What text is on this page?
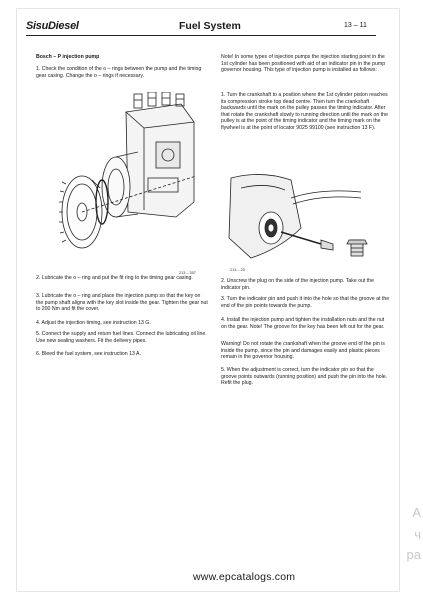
SisuDiesel	Fuel System	13 – 11
Bosch – P injection pump
1. Check the condition of the o – rings between the pump and the timing gear casing. Change the o – rings if necessary.
213 – 357
2. Lubricate the o – ring and put the fit ring to the timing gear casing.
3. Lubricate the o – ring and place the injection pump so that the key on the pump shaft aligns with the key slot inside the gear. Tighten the gear nut to 200 Nm and fit the cover.
4. Adjust the injection timing, see instruction 13 G.
5. Connect the supply and return fuel lines. Connect the lubricating oil line. Use new sealing washers. Fit the delivery pipes.
6. Bleed the fuel system, see instruction 13 A.
Note! In some types of injection pumps the injection starting point in the 1st cylinder has been positioned with aid of an indicator pin in the pump governor housing. This type of injection pump is installed as follows:
1. Turn the crankshaft to a position where the 1st cylinder piston reaches its compression stroke top dead centre. Then turn the crankshaft backwards until the mark on the pulley passes the timing indicator. After that rotate the crankshaft slowly to running direction until the mark on the pulley is at the point of the timing indicator and the timing mark on the flywheel is at the point of locator 9025 99100 (see instruction 13 F).
213 – 25
2. Unscrew the plug on the side of the injection pump. Take out the indicator pin.
3. Turn the indicator pin and push it into the hole so that the groove at the end of the pin points towards the pump.
4. Install the injection pump and tighten the installation nuts and the nut on the gear. Note! The groove for the key has been left out for the gear.
Warning! Do not rotate the crankshaft when the groove end of the pin is inside the pump, since the pin and damages easily and plastic pieces remain in the governor housing.
5. When the adjustment is correct, turn the indicator pin so that the groove points outwards (running position) and push the pin into the hole. Refit the plug.
A
ч
ра
www.epcatalogs.com
